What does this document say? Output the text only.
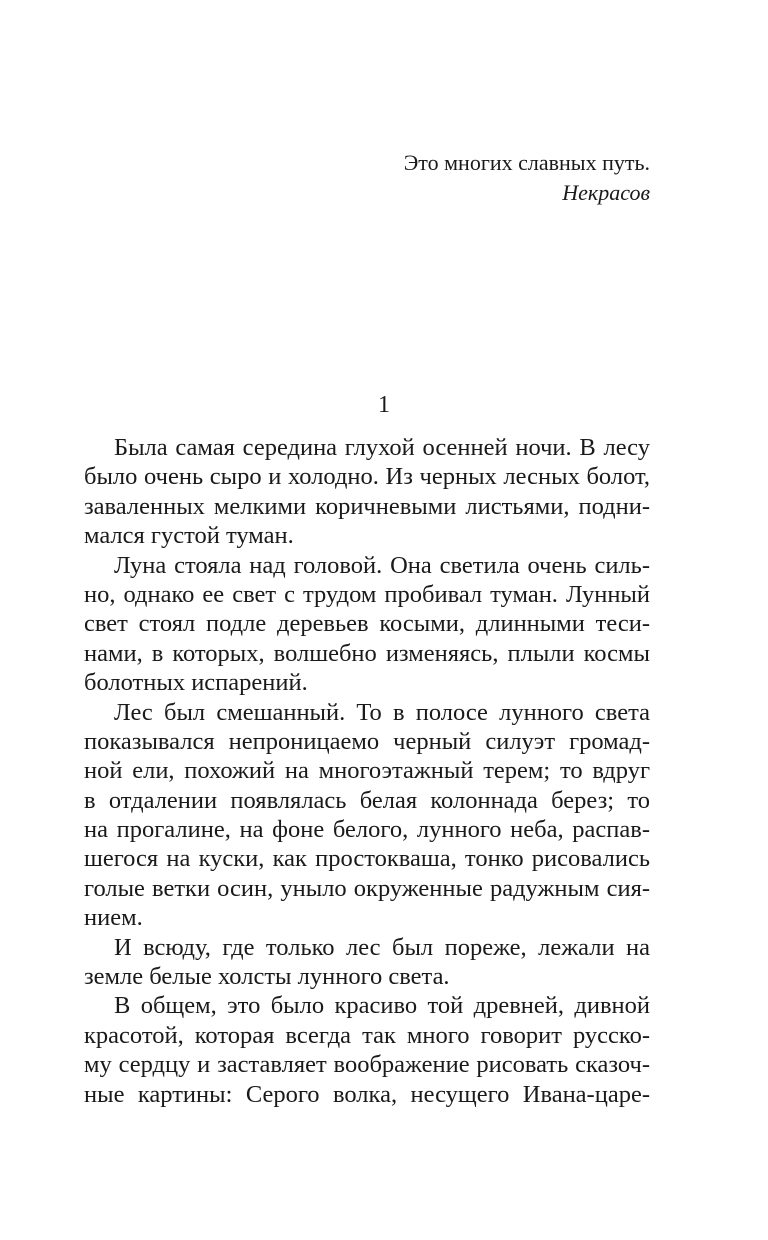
Это многих славных путь.
Некрасов
1
Была самая середина глухой осенней ночи. В лесу
было очень сыро и холодно. Из черных лесных болот,
заваленных мелкими коричневыми листьями, подни-
мался густой туман.
Луна стояла над головой. Она светила очень силь-
но, однако ее свет с трудом пробивал туман. Лунный
свет стоял подле деревьев косыми, длинными теси-
нами, в которых, волшебно изменяясь, плыли космы
болотных испарений.
Лес был смешанный. То в полосе лунного света
показывался непроницаемо черный силуэт громад-
ной ели, похожий на многоэтажный терем; то вдруг
в отдалении появлялась белая колоннада берез; то
на прогалине, на фоне белого, лунного неба, распав-
шегося на куски, как простокваша, тонко рисовались
голые ветки осин, уныло окруженные радужным сия-
нием.
И всюду, где только лес был пореже, лежали на
земле белые холсты лунного света.
В общем, это было красиво той древней, дивной
красотой, которая всегда так много говорит русско-
му сердцу и заставляет воображение рисовать сказоч-
ные картины: Серого волка, несущего Ивана-царе-
